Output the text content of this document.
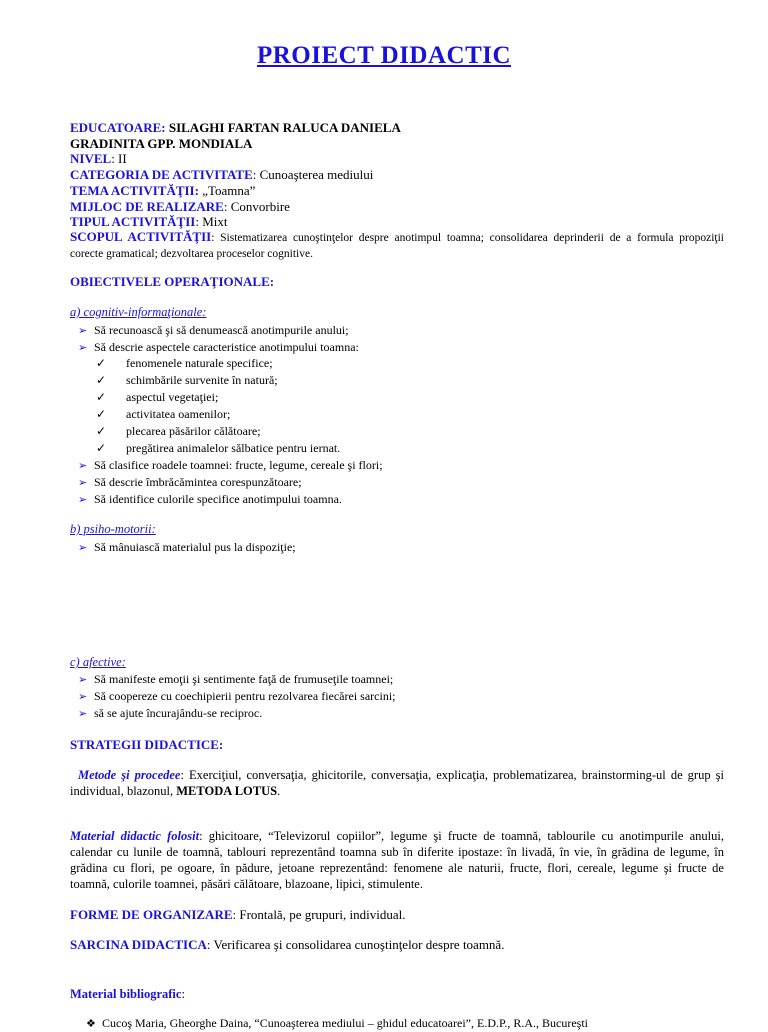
PROIECT DIDACTIC
EDUCATOARE: SILAGHI FARTAN RALUCA DANIELA
GRADINITA GPP. MONDIALA
NIVEL: II
CATEGORIA DE ACTIVITATE: Cunoaşterea mediului
TEMA ACTIVITĂŢII: „Toamna”
MIJLOC DE REALIZARE: Convorbire
TIPUL ACTIVITĂŢII: Mixt
SCOPUL ACTIVITĂŢII: Sistematizarea cunoştinţelor despre anotimpul toamna; consolidarea deprinderii de a formula propoziţii corecte gramatical; dezvoltarea proceselor cognitive.
OBIECTIVELE OPERAŢIONALE:
a) cognitiv-informaţionale:
➢ Să recunoască şi să denumească anotimpurile anului;
➢ Să descrie aspectele caracteristice anotimpului toamna:
✓ fenomenele naturale specifice;
✓ schimbările survenite în natură;
✓ aspectul vegetaţiei;
✓ activitatea oamenilor;
✓ plecarea păsărilor călătoare;
✓ pregătirea animalelor sălbatice pentru iernat.
➢ Să clasifice roadele toamnei: fructe, legume, cereale şi flori;
➢ Să descrie îmbrăcămintea corespunzătoare;
➢ Să identifice culorile specifice anotimpului toamna.
b) psiho-motorii:
➢ Să mânuiască materialul pus la dispoziţie;
c) afective:
➢ Să manifeste emoţii şi sentimente faţă de frumuseţile toamnei;
➢ Să coopereze cu coechipierii pentru rezolvarea fiecărei sarcini;
➢ să se ajute încurajându-se reciproc.
STRATEGII DIDACTICE:
Metode şi procedee: Exerciţiul, conversaţia, ghicitorile, conversaţia, explicaţia, problematizarea, brainstorming-ul de grup şi individual, blazonul, METODA LOTUS.
Material didactic folosit: ghicitoare, “Televizorul copiilor”, legume şi fructe de toamnă, tablourile cu anotimpurile anului, calendar cu lunile de toamnă, tablouri reprezentând toamna sub în diferite ipostaze: în livadă, în vie, în grădina de legume, în grădina cu flori, pe ogoare, în pădure, jetoane reprezentând: fenomene ale naturii, fructe, flori, cereale, legume şi fructe de toamnă, culorile toamnei, păsări călătoare, blazoane, lipici, stimulente.
FORME DE ORGANIZARE: Frontală, pe grupuri, individual.
SARCINA DIDACTICA: Verificarea şi consolidarea cunoştinţelor despre toamnă.
Material bibliografic:
❖ Cucoş Maria, Gheorghe Daina, “Cunoaşterea mediului – ghidul educatoarei”, E.D.P., R.A., Bucureşti
